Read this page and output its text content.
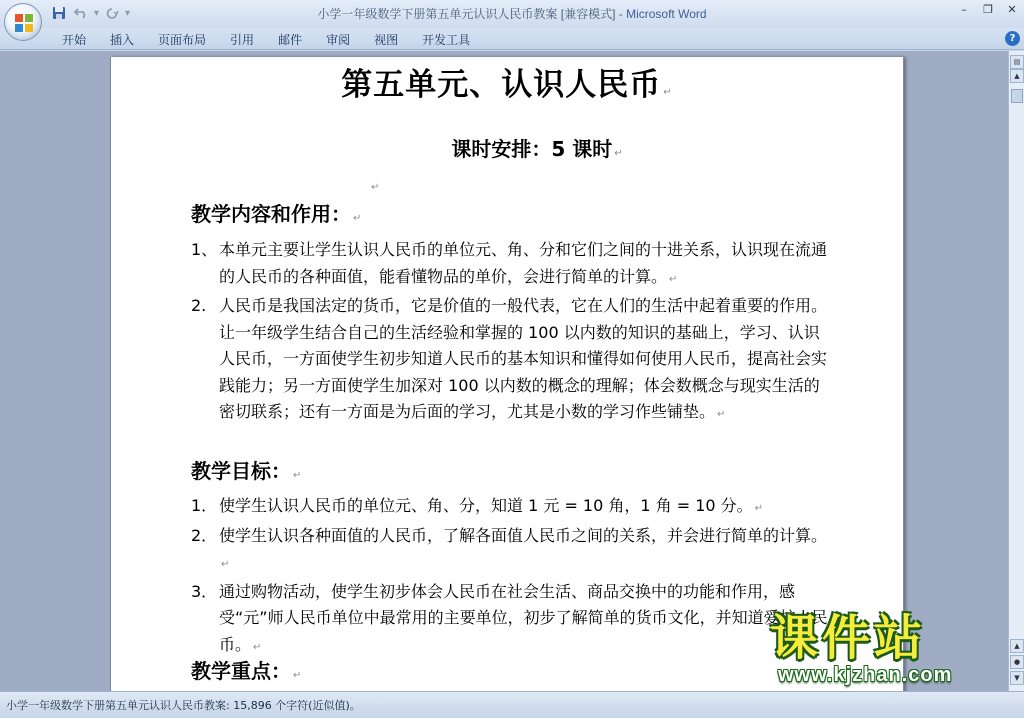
▾	▾	小学一年级数学下册第五单元认识人民币教案 [兼容模式] - Microsoft Word	–	❐	✕
开始	插入	页面布局	引用	邮件	审阅	视图	开发工具	?
第五单元、认识人民币 ↵
课时安排：5 课时 ↵
↵
教学内容和作用： ↵
1、 本单元主要让学生认识人民币的单位元、角、分和它们之间的十进关系，认识现在流通的人民币的各种面值，能看懂物品的单价，会进行简单的计算。 ↵
2. 人民币是我国法定的货币，它是价值的一般代表，它在人们的生活中起着重要的作用。让一年级学生结合自己的生活经验和掌握的 100 以内数的知识的基础上，学习、认识人民币，一方面使学生初步知道人民币的基本知识和懂得如何使用人民币，提高社会实践能力；另一方面使学生加深对 100 以内数的概念的理解；体会数概念与现实生活的密切联系；还有一方面是为后面的学习，尤其是小数的学习作些铺垫。 ↵
教学目标： ↵
1． 使学生认识人民币的单位元、角、分，知道 1 元 = 10 角，1 角 = 10 分。 ↵
2． 使学生认识各种面值的人民币，了解各面值人民币之间的关系，并会进行简单的计算。↵
3． 通过购物活动，使学生初步体会人民币在社会生活、商品交换中的功能和作用，感受“元”师人民币单位中最常用的主要单位，初步了解简单的货币文化，并知道爱护人民币。 ↵
教学重点： ↵
▤
▲
▲
●
▼
小学一年级数学下册第五单元认识人民币教案: 15,896 个字符(近似值)。
课件站
www.kjzhan.com
